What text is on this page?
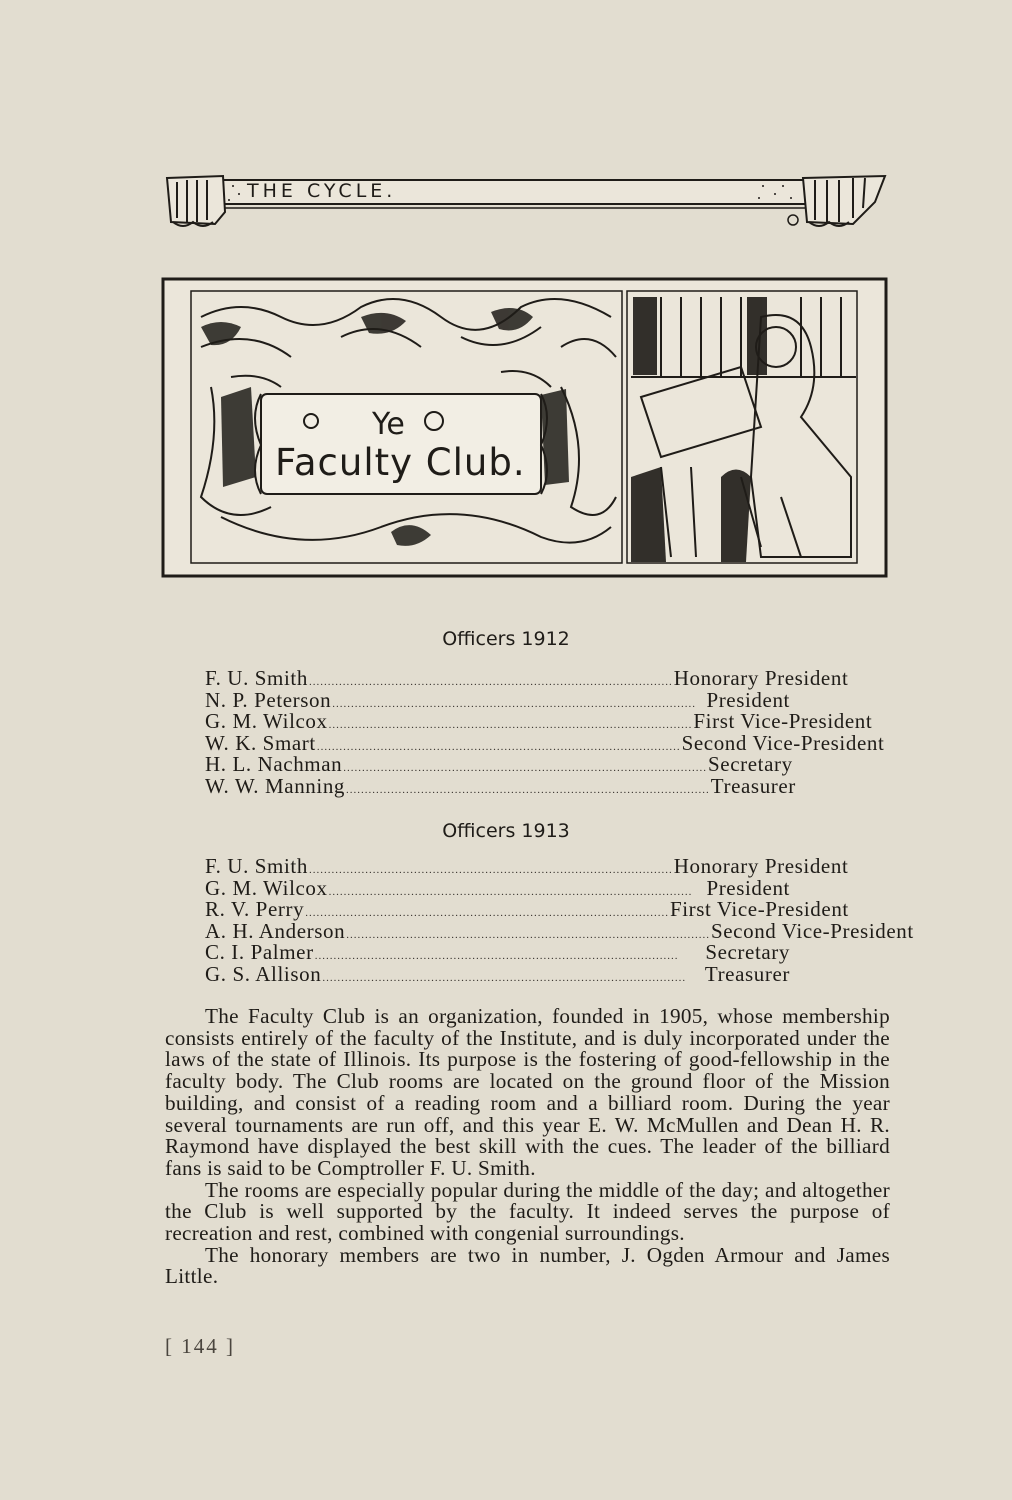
THE CYCLE.
Ye
Faculty Club.
Officers 1912
F. U. Smith ................................................................................................. Honorary President
N. P. Peterson ................................................................................................. President
G. M. Wilcox ................................................................................................. First Vice-President
W. K. Smart ................................................................................................. Second Vice-President
H. L. Nachman ................................................................................................. Secretary
W. W. Manning ................................................................................................. Treasurer
Officers 1913
F. U. Smith ................................................................................................. Honorary President
G. M. Wilcox ................................................................................................. President
R. V. Perry ................................................................................................. First Vice-President
A. H. Anderson ................................................................................................. Second Vice-President
C. I. Palmer .................................................................................................	Secretary
G. S. Allison ................................................................................................. Treasurer

The Faculty Club is an organization, founded in 1905, whose membership consists entirely of the faculty of the Institute, and is duly incorporated under the laws of the state of Illinois. Its purpose is the fostering of good-fellowship in the faculty body. The Club rooms are located on the ground floor of the Mission building, and consist of a reading room and a billiard room. During the year several tournaments are run off, and this year E. W. McMullen and Dean H. R. Raymond have displayed the best skill with the cues. The leader of the billiard fans is said to be Comptroller F. U. Smith.

The rooms are especially popular during the middle of the day; and altogether the Club is well supported by the faculty. It indeed serves the purpose of recreation and rest, combined with congenial surroundings.

The honorary members are two in number, J. Ogden Armour and James Little.

[ 144 ]
